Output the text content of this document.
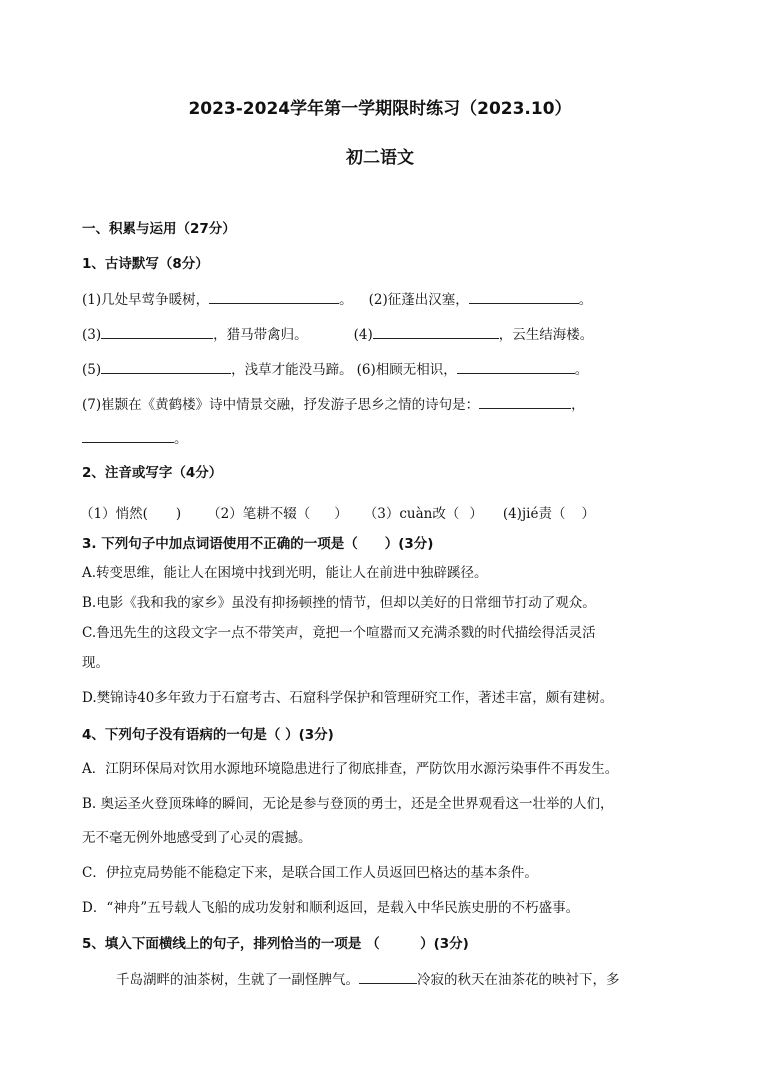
2023-2024学年第一学期限时练习（2023.10）
初二语文
一、积累与运用（27分）
1、古诗默写（8分）
(1)几处早莺争暖树，	。 (2)征蓬出汉塞，	。
(3)	，猎马带禽归。	(4)	，云生结海楼。
(5)	，浅草才能没马蹄。 (6)相顾无相识，	。
(7)崔颢在《黄鹤楼》诗中情景交融，抒发游子思乡之情的诗句是：	，
。
2、注音或写字（4分）
（1）悄然( ) （2）笔耕不辍（ ） （3）cuàn改（ ） (4)jié责（ ）
3. 下列句子中加点词语使用不正确的一项是（　　）(3分)
A.转变思维，能让人在困境中找到光明，能让人在前进中独辟蹊径。
B.电影《我和我的家乡》虽没有抑扬顿挫的情节，但却以美好的日常细节打动了观众。
C.鲁迅先生的这段文字一点不带笑声，竟把一个喧嚣而又充满杀戮的时代描绘得活灵活
现。
D.樊锦诗40多年致力于石窟考古、石窟科学保护和管理研究工作，著述丰富，颇有建树。
4、下列句子没有语病的一句是（ ）(3分)
A．江阴环保局对饮用水源地环境隐患进行了彻底排查，严防饮用水源污染事件不再发生。
B. 奥运圣火登顶珠峰的瞬间，无论是参与登顶的勇士，还是全世界观看这一壮举的人们，
无不毫无例外地感受到了心灵的震撼。
C．伊拉克局势能不能稳定下来，是联合国工作人员返回巴格达的基本条件。
D．“神舟”五号载人飞船的成功发射和顺利返回，是载入中华民族史册的不朽盛事。
5、填入下面横线上的句子，排列恰当的一项是 （　　　）(3分)
千岛湖畔的油茶树，生就了一副怪脾气。	冷寂的秋天在油茶花的映衬下，多
